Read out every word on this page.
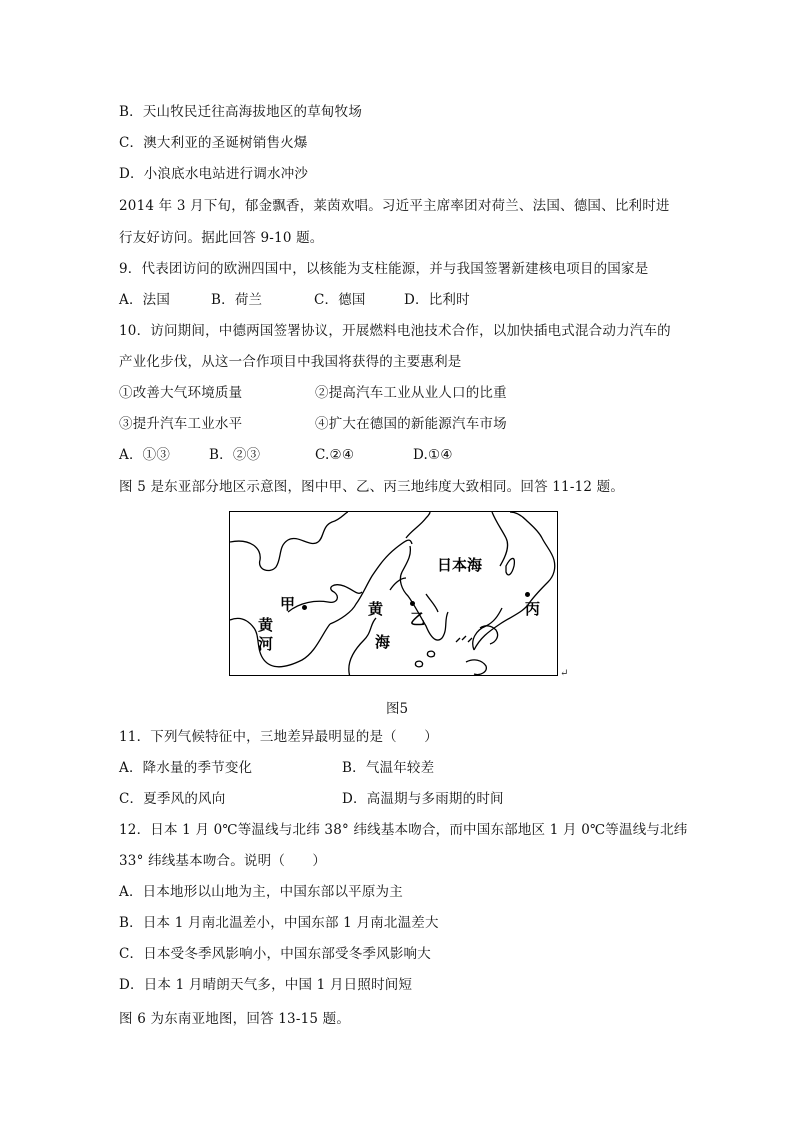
B．天山牧民迁往高海拔地区的草甸牧场
C．澳大利亚的圣诞树销售火爆
D．小浪底水电站进行调水冲沙
2014 年 3 月下旬，郁金飘香，莱茵欢唱。习近平主席率团对荷兰、法国、德国、比利时进
行友好访问。据此回答 9-10 题。
9．代表团访问的欧洲四国中，以核能为支柱能源，并与我国签署新建核电项目的国家是
A．法国	B．荷兰	C．德国	D．比利时
10．访问期间，中德两国签署协议，开展燃料电池技术合作，以加快插电式混合动力汽车的
产业化步伐，从这一合作项目中我国将获得的主要惠利是
①改善大气环境质量	②提高汽车工业从业人口的比重
③提升汽车工业水平	④扩大在德国的新能源汽车市场
A．①③	B．②③	C.②④	D.①④
图 5 是东亚部分地区示意图，图中甲、乙、丙三地纬度大致相同。回答 11-12 题。
日本海
甲	黄
海
乙
丙
黄
河
↵
图5
11．下列气候特征中，三地差异最明显的是（　　）
A．降水量的季节变化	B．气温年较差
C．夏季风的风向	D．高温期与多雨期的时间
12．日本 1 月 0℃等温线与北纬 38° 纬线基本吻合，而中国东部地区 1 月 0℃等温线与北纬
33° 纬线基本吻合。说明（　　）
A．日本地形以山地为主，中国东部以平原为主
B．日本 1 月南北温差小，中国东部 1 月南北温差大
C．日本受冬季风影响小，中国东部受冬季风影响大
D．日本 1 月晴朗天气多，中国 1 月日照时间短
图 6 为东南亚地图，回答 13-15 题。
